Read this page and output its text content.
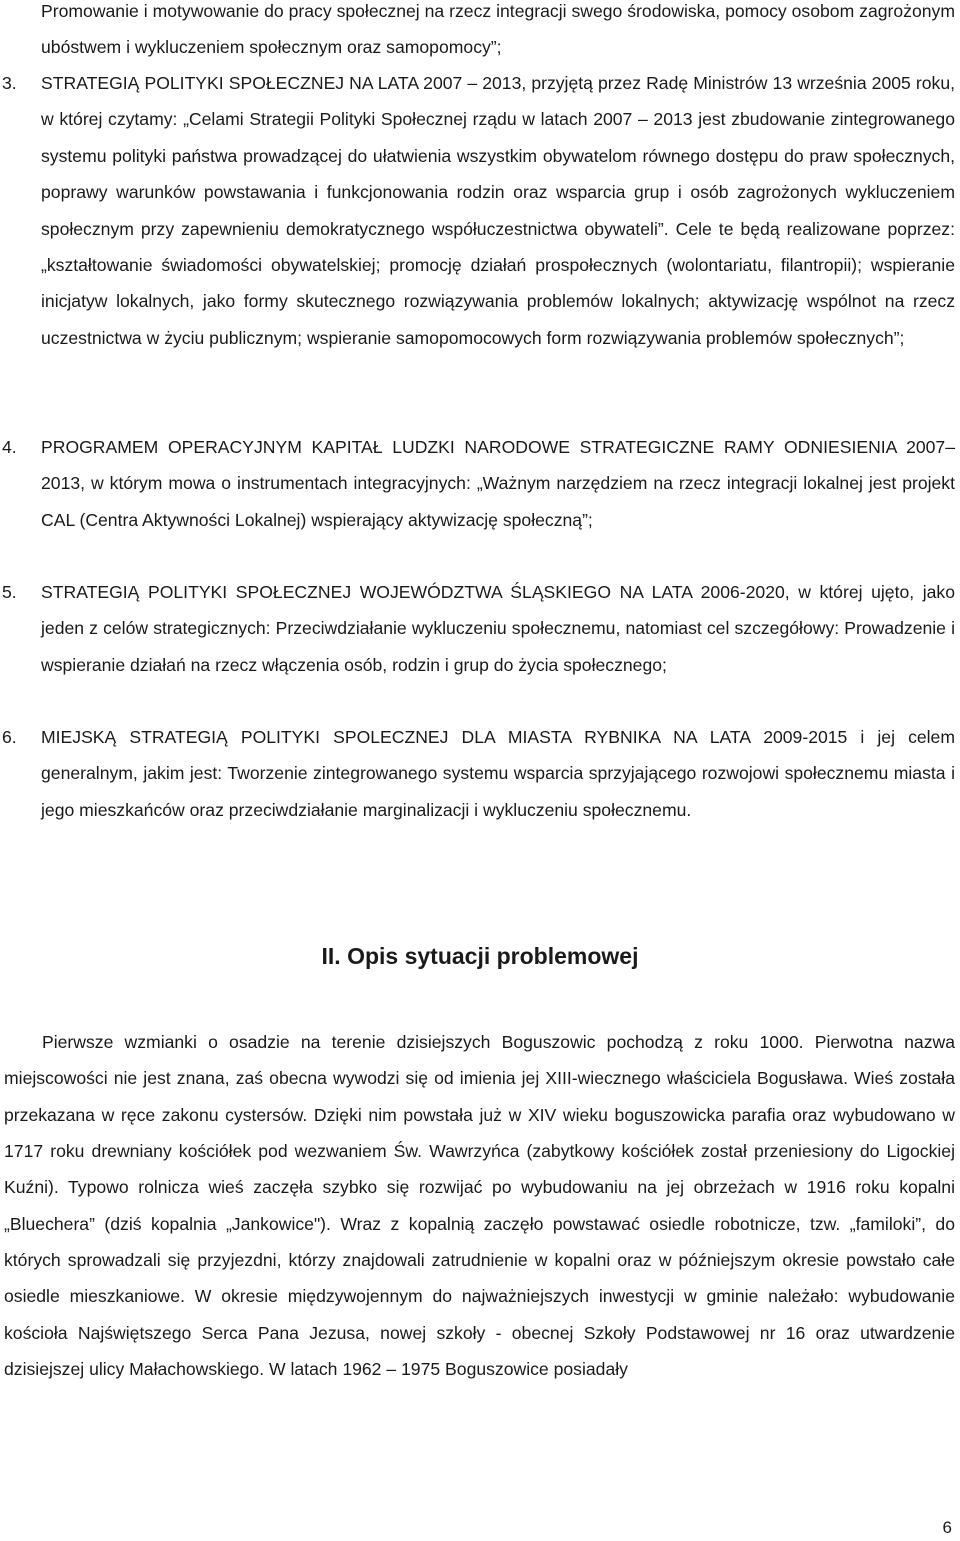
Promowanie i motywowanie do pracy społecznej na rzecz integracji swego środowiska, pomocy osobom zagrożonym ubóstwem i wykluczeniem społecznym oraz samopomocy”;

3. STRATEGIĄ POLITYKI SPOŁECZNEJ NA LATA 2007 – 2013, przyjętą przez Radę Ministrów 13 września 2005 roku, w której czytamy: „Celami Strategii Polityki Społecznej rządu w latach 2007 – 2013 jest zbudowanie zintegrowanego systemu polityki państwa prowadzącej do ułatwienia wszystkim obywatelom równego dostępu do praw społecznych, poprawy warunków powstawania i funkcjonowania rodzin oraz wsparcia grup i osób zagrożonych wykluczeniem społecznym przy zapewnieniu demokratycznego współuczestnictwa obywateli”. Cele te będą realizowane poprzez: „kształtowanie świadomości obywatelskiej; promocję działań prospołecznych (wolontariatu, filantropii); wspieranie inicjatyw lokalnych, jako formy skutecznego rozwiązywania problemów lokalnych; aktywizację wspólnot na rzecz uczestnictwa w życiu publicznym; wspieranie samopomocowych form rozwiązywania problemów społecznych”;

4. PROGRAMEM OPERACYJNYM KAPITAŁ LUDZKI NARODOWE STRATEGICZNE RAMY ODNIESIENIA 2007–2013, w którym mowa o instrumentach integracyjnych: „Ważnym narzędziem na rzecz integracji lokalnej jest projekt CAL (Centra Aktywności Lokalnej) wspierający aktywizację społeczną”;

5. STRATEGIĄ POLITYKI SPOŁECZNEJ WOJEWÓDZTWA ŚLĄSKIEGO NA LATA 2006-2020, w której ujęto, jako jeden z celów strategicznych: Przeciwdziałanie wykluczeniu społecznemu, natomiast cel szczegółowy: Prowadzenie i wspieranie działań na rzecz włączenia osób, rodzin i grup do życia społecznego;

6. MIEJSKĄ STRATEGIĄ POLITYKI SPOLECZNEJ DLA MIASTA RYBNIKA NA LATA 2009-2015 i jej celem generalnym, jakim jest: Tworzenie zintegrowanego systemu wsparcia sprzyjającego rozwojowi społecznemu miasta i jego mieszkańców oraz przeciwdziałanie marginalizacji i wykluczeniu społecznemu.

II. Opis sytuacji problemowej

Pierwsze wzmianki o osadzie na terenie dzisiejszych Boguszowic pochodzą z roku 1000. Pierwotna nazwa miejscowości nie jest znana, zaś obecna wywodzi się od imienia jej XIII-wiecznego właściciela Bogusława. Wieś została przekazana w ręce zakonu cystersów. Dzięki nim powstała już w XIV wieku boguszowicka parafia oraz wybudowano w 1717 roku drewniany kościółek pod wezwaniem Św. Wawrzyńca (zabytkowy kościółek został przeniesiony do Ligockiej Kuźni). Typowo rolnicza wieś zaczęła szybko się rozwijać po wybudowaniu na jej obrzeżach w 1916 roku kopalni „Bluechera” (dziś kopalnia „Jankowice"). Wraz z kopalnią zaczęło powstawać osiedle robotnicze, tzw. „familoki”, do których sprowadzali się przyjezdni, którzy znajdowali zatrudnienie w kopalni oraz w późniejszym okresie powstało całe osiedle mieszkaniowe. W okresie międzywojennym do najważniejszych inwestycji w gminie należało: wybudowanie kościoła Najświętszego Serca Pana Jezusa, nowej szkoły - obecnej Szkoły Podstawowej nr 16 oraz utwardzenie dzisiejszej ulicy Małachowskiego. W latach 1962 – 1975 Boguszowice posiadały

6
